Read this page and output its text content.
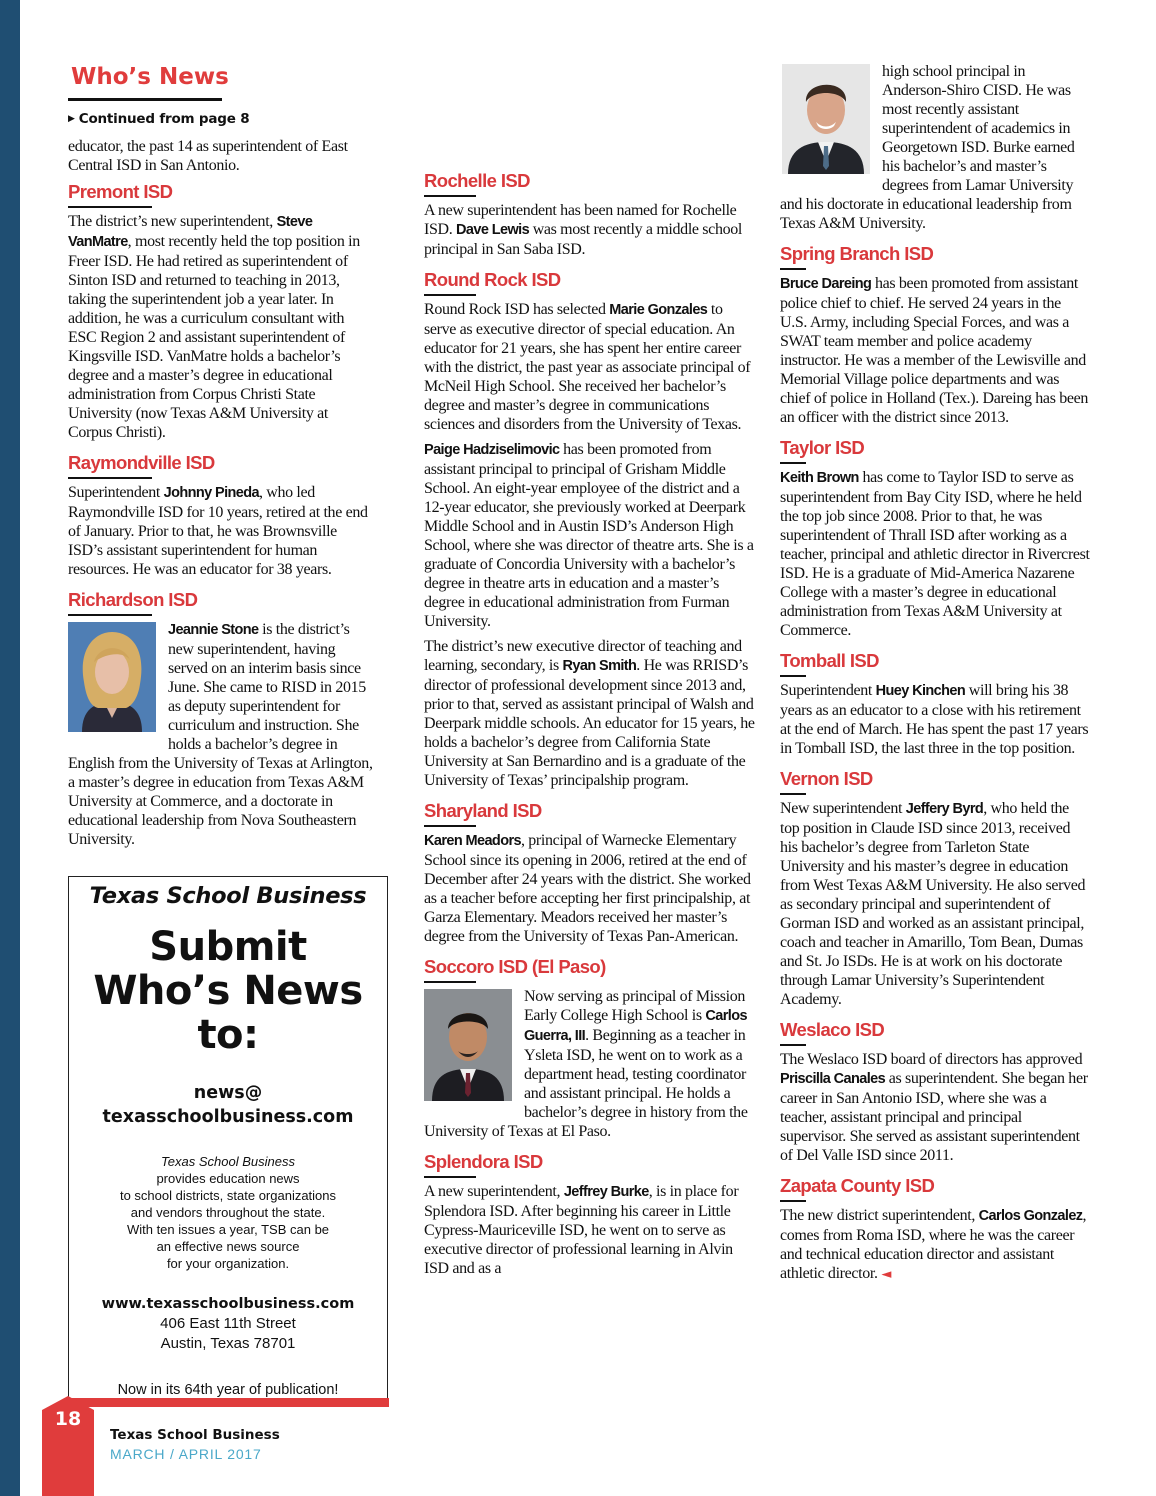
Who’s News
▶ Continued from page 8

educator, the past 14 as superintendent of East Central ISD in San Antonio.

Premont ISD

The district’s new superintendent, Steve VanMatre, most recently held the top position in Freer ISD. He had retired as superintendent of Sinton ISD and returned to teaching in 2013, taking the superintendent job a year later. In addition, he was a curriculum consultant with ESC Region 2 and assistant superintendent of Kingsville ISD. VanMatre holds a bachelor’s degree and a master’s degree in educational administration from Corpus Christi State University (now Texas A&M University at Corpus Christi).

Raymondville ISD

Superintendent Johnny Pineda, who led Raymondville ISD for 10 years, retired at the end of January. Prior to that, he was Brownsville ISD’s assistant superintendent for human resources. He was an educator for 38 years.

Richardson ISD

Jeannie Stone is the district’s new superintendent, having served on an interim basis since June. She came to RISD in 2015 as deputy superintendent for curriculum and instruction. She holds a bachelor’s degree in English from the University of Texas at Arlington, a master’s degree in education from Texas A&M University at Commerce, and a doctorate in educational leadership from Nova Southeastern University.

Texas School Business
Submit
Who’s News
to:
news@
texasschoolbusiness.com
Texas School Business
provides education news
to school districts, state organizations
and vendors throughout the state.
With ten issues a year, TSB can be
an effective news source
for your organization.
www.texasschoolbusiness.com
406 East 11th Street
Austin, Texas 78701
Now in its 64th year of publication!
Rochelle ISD

A new superintendent has been named for Rochelle ISD. Dave Lewis was most recently a middle school principal in San Saba ISD.

Round Rock ISD

Round Rock ISD has selected Marie Gonzales to serve as executive director of special education. An educator for 21 years, she has spent her entire career with the district, the past year as associate principal of McNeil High School. She received her bachelor’s degree and master’s degree in communications sciences and disorders from the University of Texas.

Paige Hadziselimovic has been promoted from assistant principal to principal of Grisham Middle School. An eight-year employee of the district and a 12-year educator, she previously worked at Deerpark Middle School and in Austin ISD’s Anderson High School, where she was director of theatre arts. She is a graduate of Concordia University with a bachelor’s degree in theatre arts in education and a master’s degree in educational administration from Furman University.

The district’s new executive director of teaching and learning, secondary, is Ryan Smith. He was RRISD’s director of professional development since 2013 and, prior to that, served as assistant principal of Walsh and Deerpark middle schools. An educator for 15 years, he holds a bachelor’s degree from California State University at San Bernardino and is a graduate of the University of Texas’ principalship program.

Sharyland ISD

Karen Meadors, principal of Warnecke Elementary School since its opening in 2006, retired at the end of December after 24 years with the district. She worked as a teacher before accepting her first principalship, at Garza Elementary. Meadors received her master’s degree from the University of Texas Pan-American.

Soccoro ISD (El Paso)

Now serving as principal of Mission Early College High School is Carlos Guerra, III. Beginning as a teacher in Ysleta ISD, he went on to work as a department head, testing coordinator and assistant principal. He holds a bachelor’s degree in history from the University of Texas at El Paso.

Splendora ISD

A new superintendent, Jeffrey Burke, is in place for Splendora ISD. After beginning his career in Little Cypress-Mauriceville ISD, he went on to serve as executive director of professional learning in Alvin ISD and as a

high school principal in Anderson-Shiro CISD. He was most recently assistant superintendent of academics in Georgetown ISD. Burke earned his bachelor’s and master’s degrees from Lamar University and his doctorate in educational leadership from Texas A&M University.

Spring Branch ISD

Bruce Dareing has been promoted from assistant police chief to chief. He served 24 years in the U.S. Army, including Special Forces, and was a SWAT team member and police academy instructor. He was a member of the Lewisville and Memorial Village police departments and was chief of police in Holland (Tex.). Dareing has been an officer with the district since 2013.

Taylor ISD

Keith Brown has come to Taylor ISD to serve as superintendent from Bay City ISD, where he held the top job since 2008. Prior to that, he was superintendent of Thrall ISD after working as a teacher, principal and athletic director in Rivercrest ISD. He is a graduate of Mid-America Nazarene College with a master’s degree in educational administration from Texas A&M University at Commerce.

Tomball ISD

Superintendent Huey Kinchen will bring his 38 years as an educator to a close with his retirement at the end of March. He has spent the past 17 years in Tomball ISD, the last three in the top position.

Vernon ISD

New superintendent Jeffery Byrd, who held the top position in Claude ISD since 2013, received his bachelor’s degree from Tarleton State University and his master’s degree in education from West Texas A&M University. He also served as secondary principal and superintendent of Gorman ISD and worked as an assistant principal, coach and teacher in Amarillo, Tom Bean, Dumas and St. Jo ISDs. He is at work on his doctorate through Lamar University’s Superintendent Academy.

Weslaco ISD

The Weslaco ISD board of directors has approved Priscilla Canales as superintendent. She began her career in San Antonio ISD, where she was a teacher, assistant principal and principal supervisor. She served as assistant superintendent of Del Valle ISD since 2011.

Zapata County ISD

The new district superintendent, Carlos Gonzalez, comes from Roma ISD, where he was the career and technical education director and assistant athletic director. ◄

18
Texas School Business
MARCH / APRIL 2017
